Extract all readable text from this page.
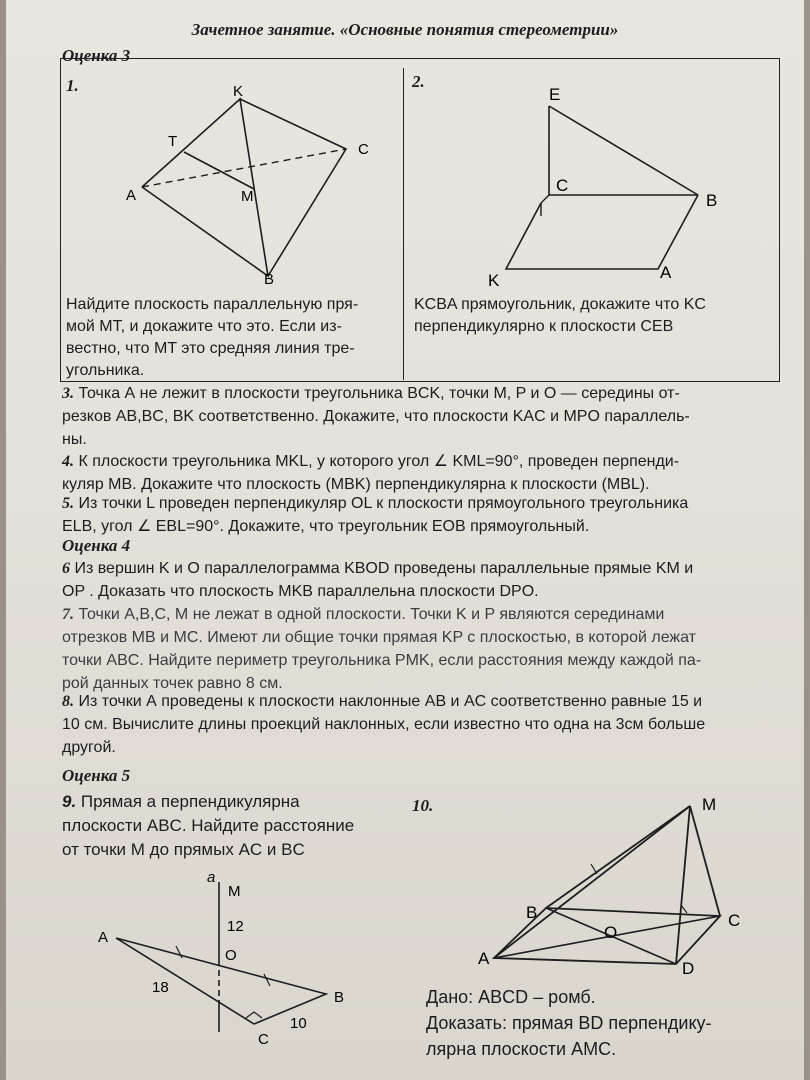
Зачетное занятие. «Основные понятия стереометрии»
Оценка 3
1.	K
T	C
A	M
B
Найдите плоскость параллельную пря-
мой MT, и докажите что это. Если из-
вестно, что MT это средняя линия тре-
угольника.
2.
E
C
B
K	A
KCBA прямоугольник, докажите что KC
перпендикулярно к плоскости CEB
3. Точка А не лежит в плоскости треугольника BCK, точки M, P и O — середины от-
резков AB,BC, BK соответственно. Докажите, что плоскости KAC и MPO параллель-
ны.
4. К плоскости треугольника MKL, у которого угол ∠ KML=90°, проведен перпенди-
куляр MB. Докажите что плоскость (MBK) перпендикулярна к плоскости (MBL).
5. Из точки L проведен перпендикуляр OL к плоскости прямоугольного треугольника
ELB, угол ∠ EBL=90°. Докажите, что треугольник EOB прямоугольный.
Оценка 4
6 Из вершин K и O параллелограмма KBOD проведены параллельные прямые KM и
OP . Доказать что плоскость MKB параллельна плоскости DPO.
7. Точки A,B,C, M не лежат в одной плоскости. Точки K и P являются серединами
отрезков MB и MC. Имеют ли общие точки прямая KP с плоскостью, в которой лежат
точки ABC. Найдите периметр треугольника PMK, если расстояния между каждой па-
рой данных точек равно 8 см.
8. Из точки А проведены к плоскости наклонные AB и AC соответственно равные 15 и
10 см. Вычислите длины проекций наклонных, если известно что одна на 3см больше
другой.
Оценка 5
9. Прямая a перпендикулярна
плоскости ABC. Найдите расстояние
от точки M до прямых AC и BC
a
M
12
A
O
18
B
10
C
10.	M
B	C
O
A
D
Дано: ABCD – ромб.
Доказать: прямая BD перпендику-
лярна плоскости AMC.
